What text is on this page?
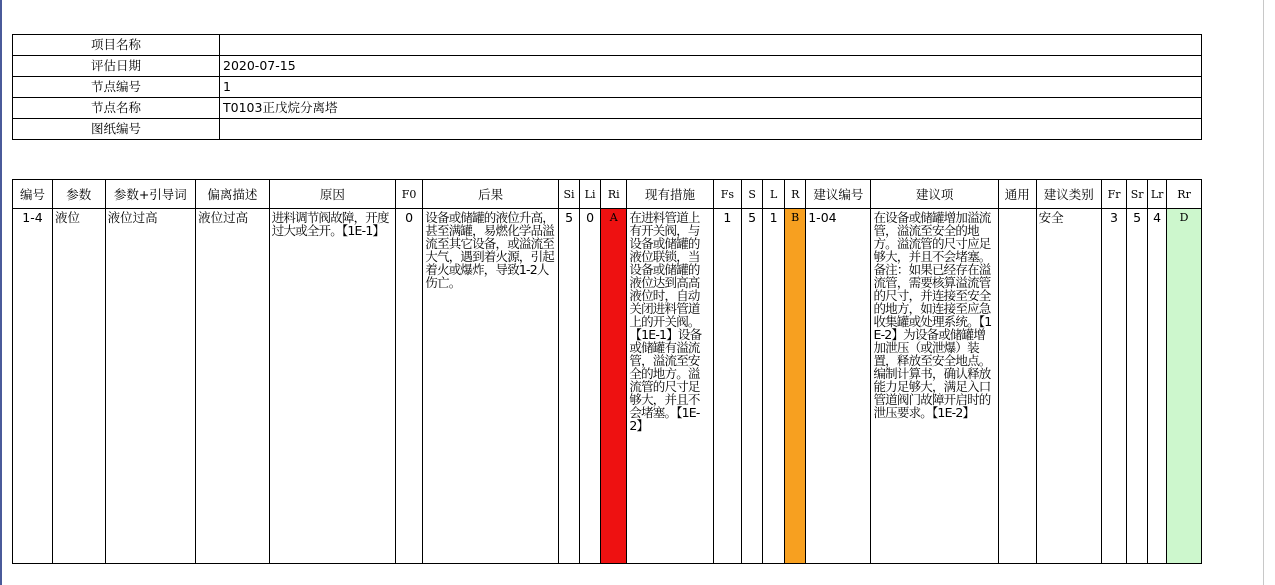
项目名称	
评估日期	2020-07-15
节点编号	1
节点名称	T0103正戊烷分离塔
图纸编号	
编号	参数	参数+引导词	偏离描述	原因	F0	后果	Si	Li	Ri	现有措施	Fs	S	L	R	建议编号	建议项	通用	建议类别	Fr	Sr	Lr	Rr
1-4	液位	液位过高	液位过高	进料调节阀故障，开度过大或全开。【1E-1】	0	设备或储罐的液位升高，甚至满罐，易燃化学品溢流至其它设备，或溢流至大气，遇到着火源，引起着火或爆炸，导致1-2人伤亡。	5	0	A	在进料管道上有开关阀，与设备或储罐的液位联锁，当设备或储罐的液位达到高高液位时，自动关闭进料管道上的开关阀。【1E-1】设备或储罐有溢流管，溢流至安全的地方。溢流管的尺寸足够大，并且不会堵塞。【1E-2】	1	5	1	B	1-04	在设备或储罐增加溢流管，溢流至安全的地方。溢流管的尺寸应足够大，并且不会堵塞。备注：如果已经存在溢流管，需要核算溢流管的尺寸，并连接至安全的地方，如连接至应急收集罐或处理系统。【1E-2】为设备或储罐增加泄压（或泄爆）装置，释放至安全地点。编制计算书，确认释放能力足够大，满足入口管道阀门故障开启时的泄压要求。【1E-2】		安全	3	5	4	D
